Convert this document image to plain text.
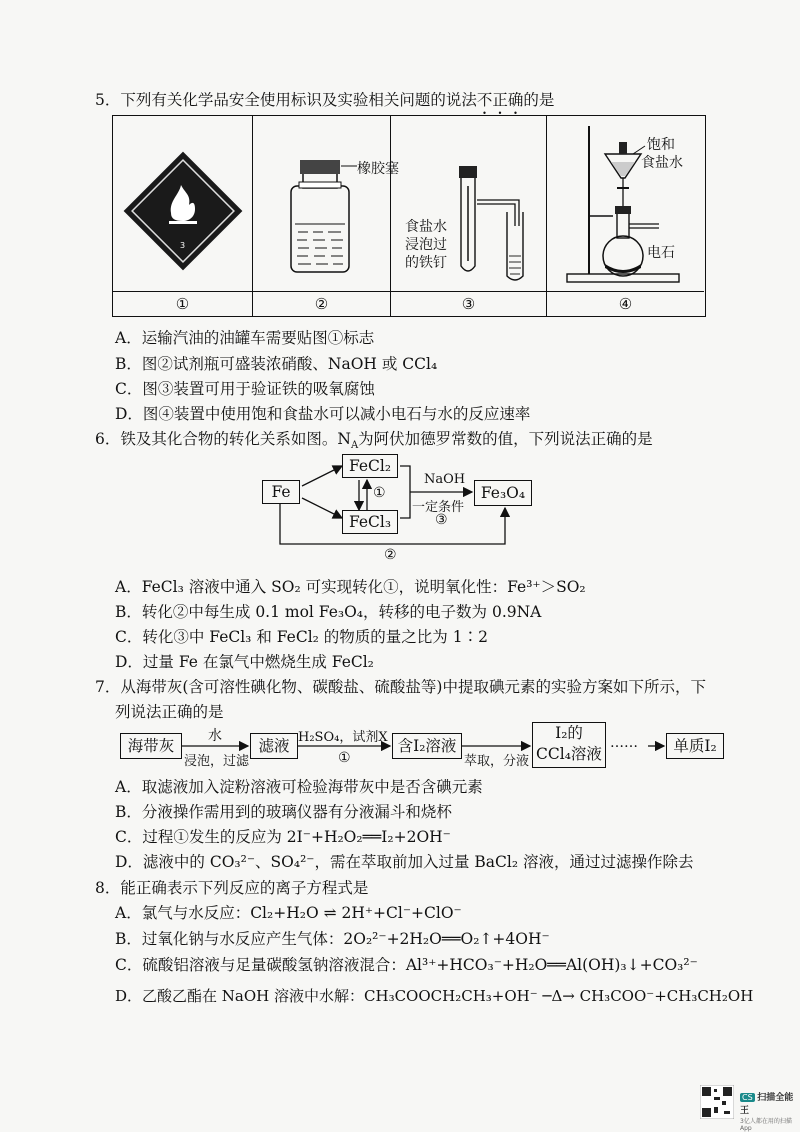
5．下列有关化学品安全使用标识及实验相关问题的说法不正确的是
3
橡胶塞
食盐水
浸泡过
的铁钉
饱和
食盐水
电石
①	②	③	④
A．运输汽油的油罐车需要贴图①标志
B．图②试剂瓶可盛装浓硝酸、NaOH 或 CCl₄
C．图③装置可用于验证铁的吸氧腐蚀
D．图④装置中使用饱和食盐水可以减小电石与水的反应速率
6．铁及其化合物的转化关系如图。$N_A$为阿伏加德罗常数的值，下列说法正确的是
Fe
FeCl₂
FeCl₃
Fe₃O₄
①
NaOH
一定条件
③
②
A．FeCl₃ 溶液中通入 SO₂ 可实现转化①，说明氧化性：Fe³⁺＞SO₂
B．转化②中每生成 0.1 mol Fe₃O₄，转移的电子数为 0.9NA
C．转化③中 FeCl₃ 和 FeCl₂ 的物质的量之比为 1∶2
D．过量 Fe 在氯气中燃烧生成 FeCl₂
7．从海带灰(含可溶性碘化物、碳酸盐、硫酸盐等)中提取碘元素的实验方案如下所示，下
列说法正确的是
海带灰
水
浸泡，过滤
滤液 H₂SO₄，试剂X
①
含I₂溶液
萃取，分液
I₂的
CCl₄溶液
……	单质I₂
A．取滤液加入淀粉溶液可检验海带灰中是否含碘元素
B．分液操作需用到的玻璃仪器有分液漏斗和烧杯
C．过程①发生的反应为 2I⁻+H₂O₂══I₂+2OH⁻
D．滤液中的 CO₃²⁻、SO₄²⁻，需在萃取前加入过量 BaCl₂ 溶液，通过过滤操作除去
8．能正确表示下列反应的离子方程式是
A．氯气与水反应：Cl₂+H₂O ⇌ 2H⁺+Cl⁻+ClO⁻
B．过氧化钠与水反应产生气体：2O₂²⁻+2H₂O══O₂↑+4OH⁻
C．硫酸铝溶液与足量碳酸氢钠溶液混合：Al³⁺+HCO₃⁻+H₂O══Al(OH)₃↓+CO₃²⁻
D．乙酸乙酯在 NaOH 溶液中水解：CH₃COOCH₂CH₃+OH⁻ ─Δ→ CH₃COO⁻+CH₃CH₂OH
CS 扫描全能王
3亿人都在用的扫描App
